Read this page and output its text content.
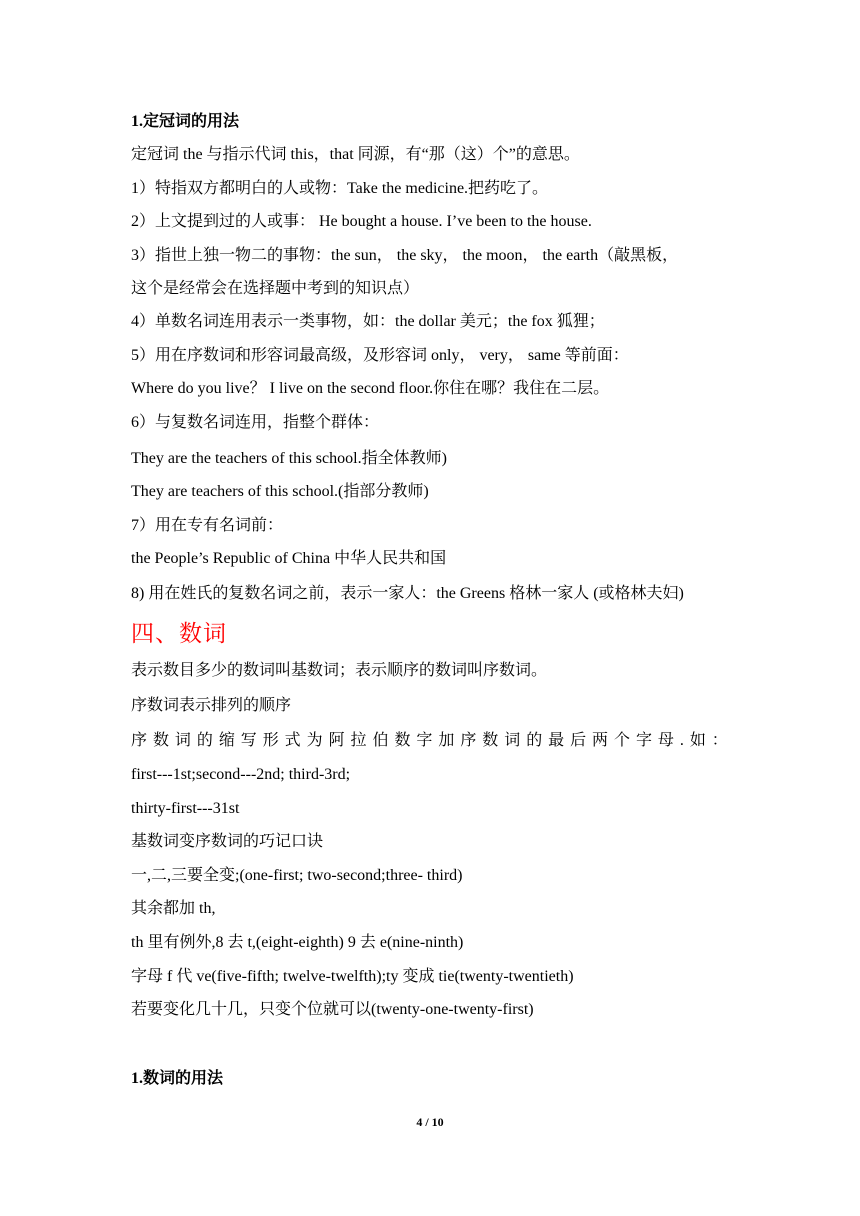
1.定冠词的用法
定冠词 the 与指示代词 this，that 同源，有“那（这）个”的意思。
1）特指双方都明白的人或物：Take the medicine.把药吃了。
2）上文提到过的人或事： He bought a house. I’ve been to the house.
3）指世上独一物二的事物：the sun， the sky， the moon， the earth（敲黑板，
这个是经常会在选择题中考到的知识点）
4）单数名词连用表示一类事物，如：the dollar 美元；the fox 狐狸；
5）用在序数词和形容词最高级，及形容词 only， very， same 等前面：
Where do you live？ I live on the second floor.你住在哪？我住在二层。
6）与复数名词连用，指整个群体：
They are the teachers of this school.指全体教师)
They are teachers of this school.(指部分教师)
7）用在专有名词前：
the People’s Republic of China 中华人民共和国
8) 用在姓氏的复数名词之前，表示一家人：the Greens 格林一家人 (或格林夫妇)
四、数词
表示数目多少的数词叫基数词；表示顺序的数词叫序数词。
序数词表示排列的顺序
序数词的缩写形式为阿拉伯数字加序数词的最后两个字母.如：
first---1st;second---2nd; third-3rd;
thirty-first---31st
基数词变序数词的巧记口诀
一,二,三要全变;(one-first; two-second;three- third)
其余都加 th,
th 里有例外,8 去 t,(eight-eighth) 9 去 e(nine-ninth)
字母 f 代 ve(five-fifth; twelve-twelfth);ty 变成 tie(twenty-twentieth)
若要变化几十几，只变个位就可以(twenty-one-twenty-first)
1.数词的用法
4 / 10
